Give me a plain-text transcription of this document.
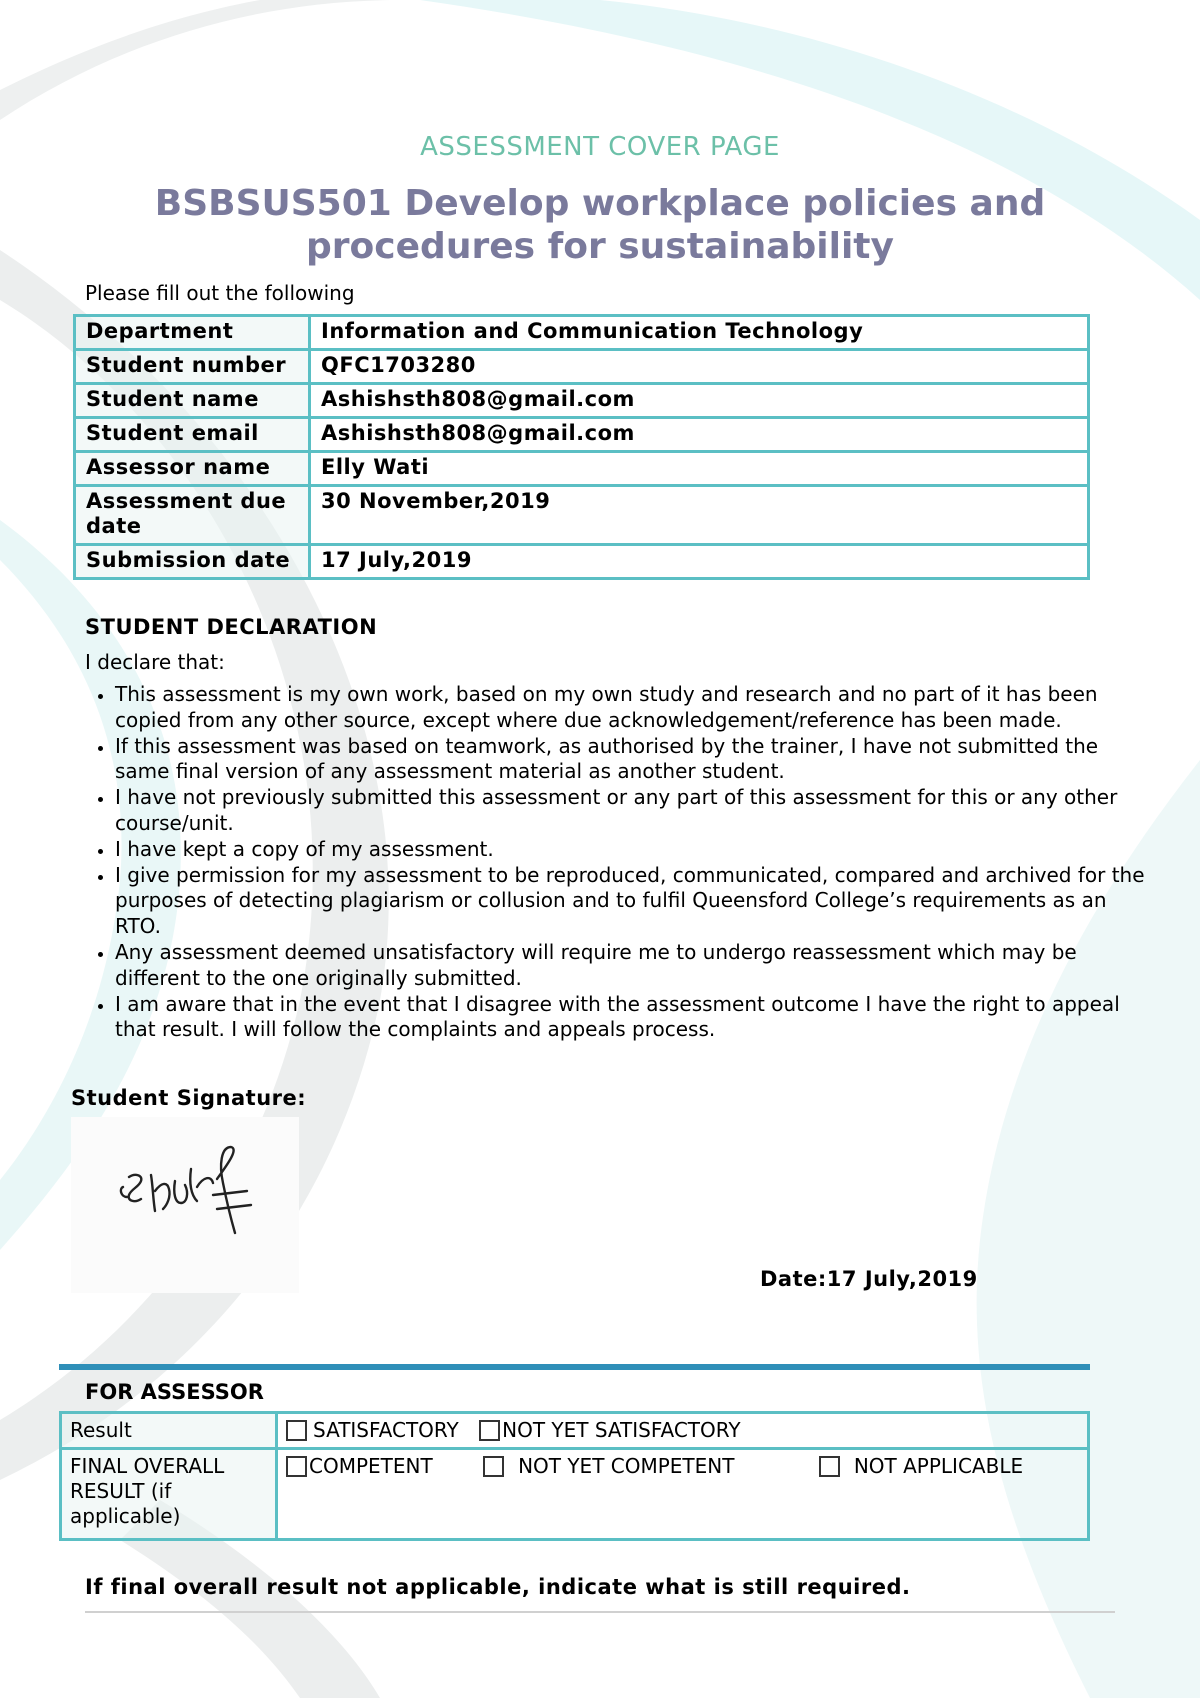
ASSESSMENT COVER PAGE
BSBSUS501 Develop workplace policies and procedures for sustainability
Please fill out the following
Department	Information and Communication Technology
Student number	QFC1703280
Student name	Ashishsth808@gmail.com
Student email	Ashishsth808@gmail.com
Assessor name	Elly Wati
Assessment due date	30 November,2019
Submission date	17 July,2019
STUDENT DECLARATION
I declare that:
• This assessment is my own work, based on my own study and research and no part of it has been copied from any other source, except where due acknowledgement/reference has been made.
• If this assessment was based on teamwork, as authorised by the trainer, I have not submitted the same final version of any assessment material as another student.
• I have not previously submitted this assessment or any part of this assessment for this or any other course/unit.
• I have kept a copy of my assessment.
• I give permission for my assessment to be reproduced, communicated, compared and archived for the purposes of detecting plagiarism or collusion and to fulfil Queensford College’s requirements as an RTO.
• Any assessment deemed unsatisfactory will require me to undergo reassessment which may be different to the one originally submitted.
• I am aware that in the event that I disagree with the assessment outcome I have the right to appeal that result. I will follow the complaints and appeals process.
Student Signature:
Date:17 July,2019
FOR ASSESSOR
Result	SATISFACTORY NOT YET SATISFACTORY
FINAL OVERALL RESULT (if applicable)	COMPETENT NOT YET COMPETENT NOT APPLICABLE
If final overall result not applicable, indicate what is still required.
